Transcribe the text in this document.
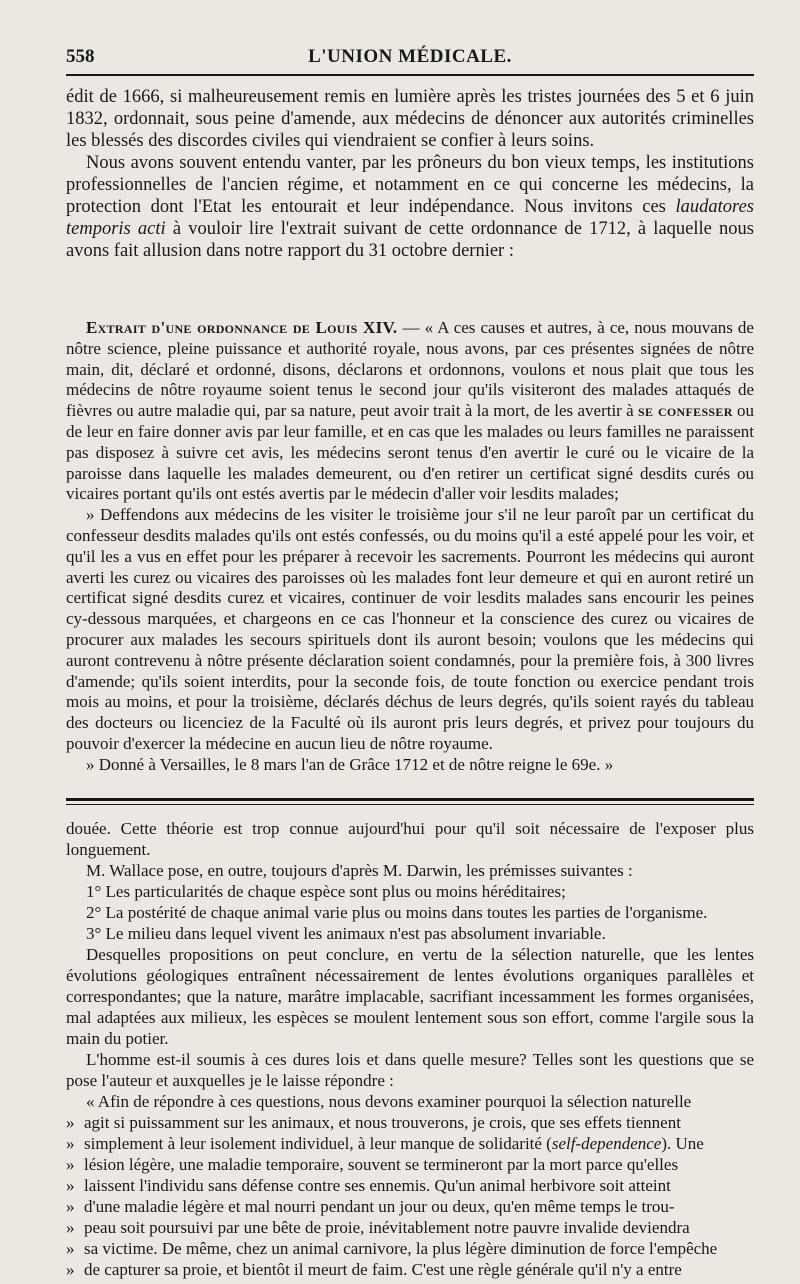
558	L'UNION MÉDICALE.

édit de 1666, si malheureusement remis en lumière après les tristes journées des 5 et 6 juin 1832, ordonnait, sous peine d'amende, aux médecins de dénoncer aux autorités criminelles les blessés des discordes civiles qui viendraient se confier à leurs soins.

Nous avons souvent entendu vanter, par les prôneurs du bon vieux temps, les institutions professionnelles de l'ancien régime, et notamment en ce qui concerne les médecins, la protection dont l'Etat les entourait et leur indépendance. Nous invitons ces laudatores temporis acti à vouloir lire l'extrait suivant de cette ordonnance de 1712, à laquelle nous avons fait allusion dans notre rapport du 31 octobre dernier :

Extrait d'une ordonnance de Louis XIV. — « A ces causes et autres, à ce, nous mouvans de nôtre science, pleine puissance et authorité royale, nous avons, par ces présentes signées de nôtre main, dit, déclaré et ordonné, disons, déclarons et ordonnons, voulons et nous plait que tous les médecins de nôtre royaume soient tenus le second jour qu'ils visiteront des malades attaqués de fièvres ou autre maladie qui, par sa nature, peut avoir trait à la mort, de les avertir à se confesser ou de leur en faire donner avis par leur famille, et en cas que les malades ou leurs familles ne paraissent pas disposez à suivre cet avis, les médecins seront tenus d'en avertir le curé ou le vicaire de la paroisse dans laquelle les malades demeurent, ou d'en retirer un certificat signé desdits curés ou vicaires portant qu'ils ont estés avertis par le médecin d'aller voir lesdits malades;

» Deffendons aux médecins de les visiter le troisième jour s'il ne leur paroît par un certificat du confesseur desdits malades qu'ils ont estés confessés, ou du moins qu'il a esté appelé pour les voir, et qu'il les a vus en effet pour les préparer à recevoir les sacrements. Pourront les médecins qui auront averti les curez ou vicaires des paroisses où les malades font leur demeure et qui en auront retiré un certificat signé desdits curez et vicaires, continuer de voir lesdits malades sans encourir les peines cy-dessous marquées, et chargeons en ce cas l'honneur et la conscience des curez ou vicaires de procurer aux malades les secours spirituels dont ils auront besoin; voulons que les médecins qui auront contrevenu à nôtre présente déclaration soient condamnés, pour la première fois, à 300 livres d'amende; qu'ils soient interdits, pour la seconde fois, de toute fonction ou exercice pendant trois mois au moins, et pour la troisième, déclarés déchus de leurs degrés, qu'ils soient rayés du tableau des docteurs ou licenciez de la Faculté où ils auront pris leurs degrés, et privez pour toujours du pouvoir d'exercer la médecine en aucun lieu de nôtre royaume.

» Donné à Versailles, le 8 mars l'an de Grâce 1712 et de nôtre reigne le 69e. »

douée. Cette théorie est trop connue aujourd'hui pour qu'il soit nécessaire de l'exposer plus longuement.

M. Wallace pose, en outre, toujours d'après M. Darwin, les prémisses suivantes :

1° Les particularités de chaque espèce sont plus ou moins héréditaires;

2° La postérité de chaque animal varie plus ou moins dans toutes les parties de l'organisme.

3° Le milieu dans lequel vivent les animaux n'est pas absolument invariable.

Desquelles propositions on peut conclure, en vertu de la sélection naturelle, que les lentes évolutions géologiques entraînent nécessairement de lentes évolutions organiques parallèles et correspondantes; que la nature, marâtre implacable, sacrifiant incessamment les formes organisées, mal adaptées aux milieux, les espèces se moulent lentement sous son effort, comme l'argile sous la main du potier.

L'homme est-il soumis à ces dures lois et dans quelle mesure? Telles sont les questions que se pose l'auteur et auxquelles je le laisse répondre :

« Afin de répondre à ces questions, nous devons examiner pourquoi la sélection naturelle

» agit si puissamment sur les animaux, et nous trouverons, je crois, que ses effets tiennent

» simplement à leur isolement individuel, à leur manque de solidarité (self-dependence). Une

» lésion légère, une maladie temporaire, souvent se termineront par la mort parce qu'elles

» laissent l'individu sans défense contre ses ennemis. Qu'un animal herbivore soit atteint

» d'une maladie légère et mal nourri pendant un jour ou deux, qu'en même temps le trou-

» peau soit poursuivi par une bête de proie, inévitablement notre pauvre invalide deviendra

» sa victime. De même, chez un animal carnivore, la plus légère diminution de force l'empêche

» de capturer sa proie, et bientôt il meurt de faim. C'est une règle générale qu'il n'y a entre
